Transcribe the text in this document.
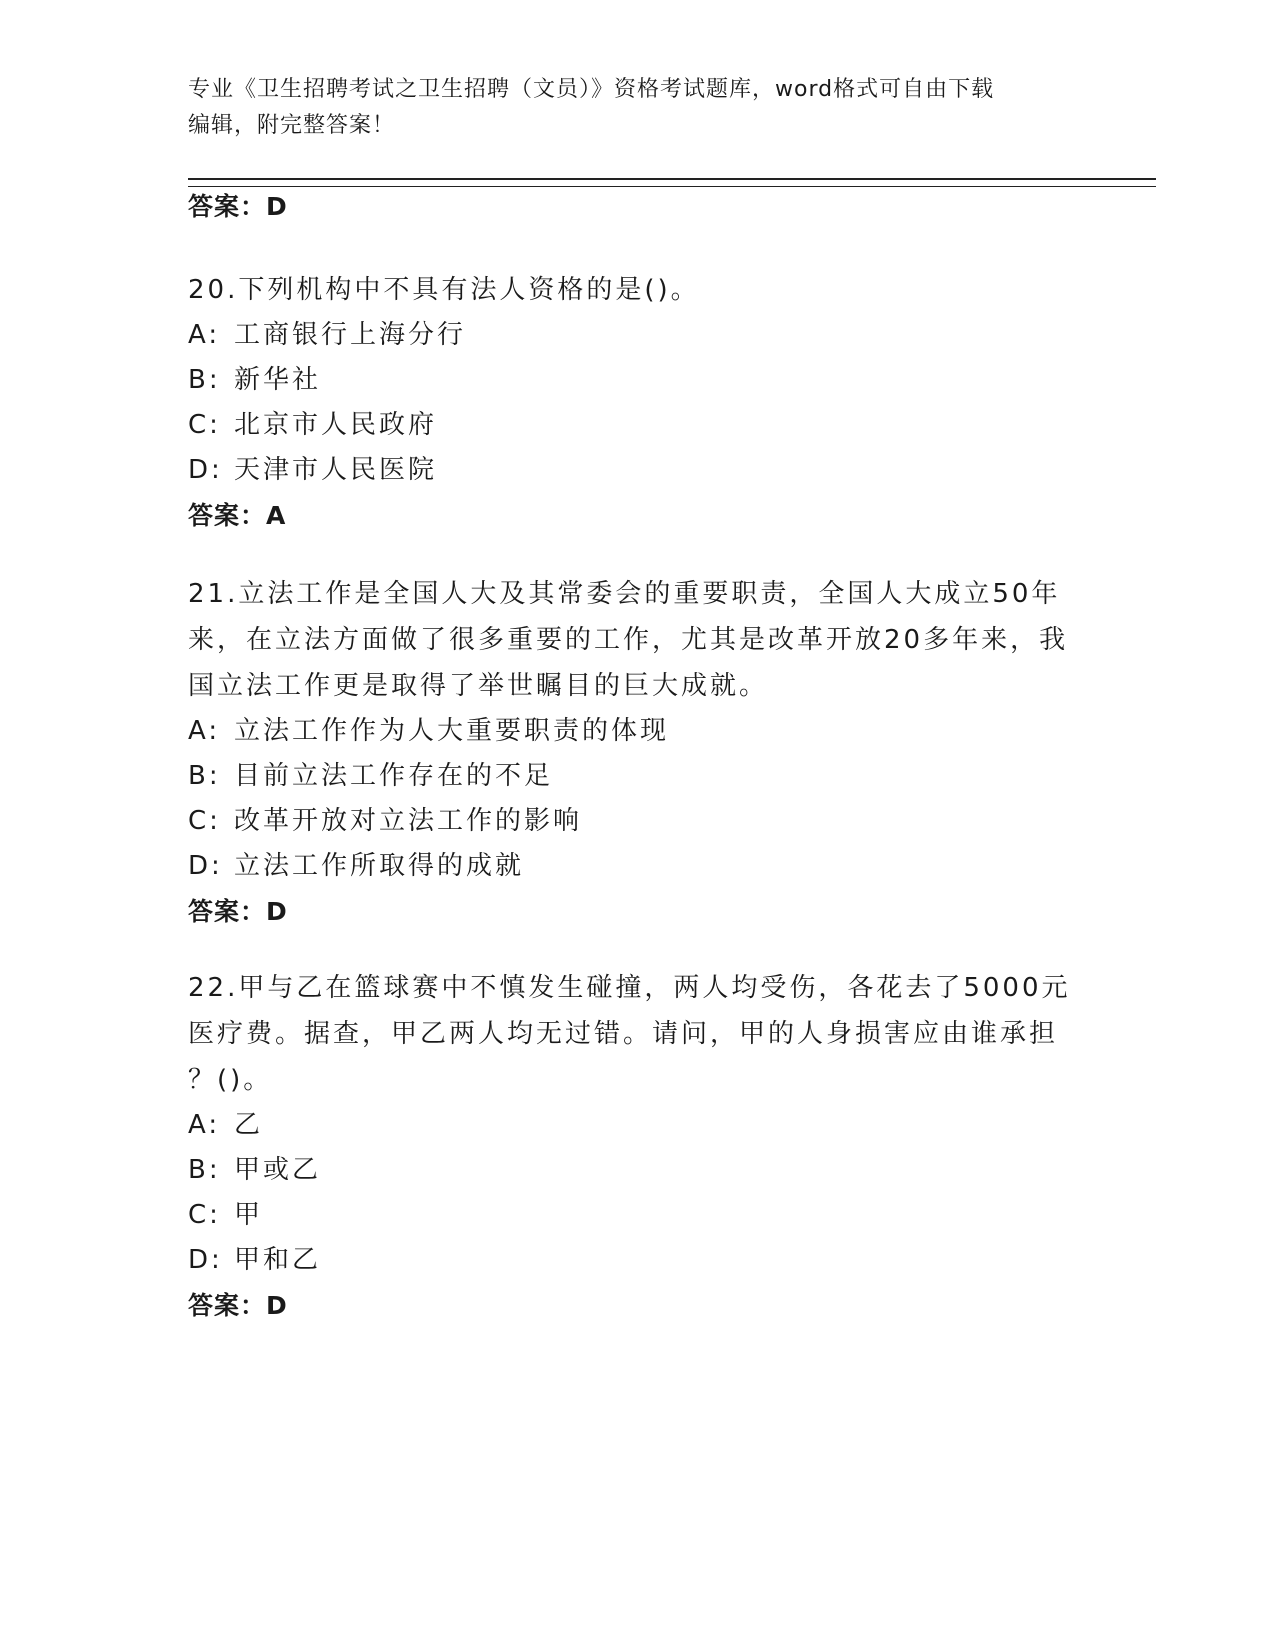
专业《卫生招聘考试之卫生招聘（文员）》资格考试题库，word格式可自由下载
编辑，附完整答案！

答案： D

20.下列机构中不具有法人资格的是()。

A: 工商银行上海分行

B: 新华社

C: 北京市人民政府

D: 天津市人民医院

答案： A

21.立法工作是全国人大及其常委会的重要职责，全国人大成立50年

来，在立法方面做了很多重要的工作，尤其是改革开放20多年来，我

国立法工作更是取得了举世瞩目的巨大成就。

A: 立法工作作为人大重要职责的体现

B: 目前立法工作存在的不足

C: 改革开放对立法工作的影响

D: 立法工作所取得的成就

答案： D

22.甲与乙在篮球赛中不慎发生碰撞，两人均受伤，各花去了5000元

医疗费。据查，甲乙两人均无过错。请问，甲的人身损害应由谁承担

？()。

A: 乙

B: 甲或乙

C: 甲

D: 甲和乙

答案： D
